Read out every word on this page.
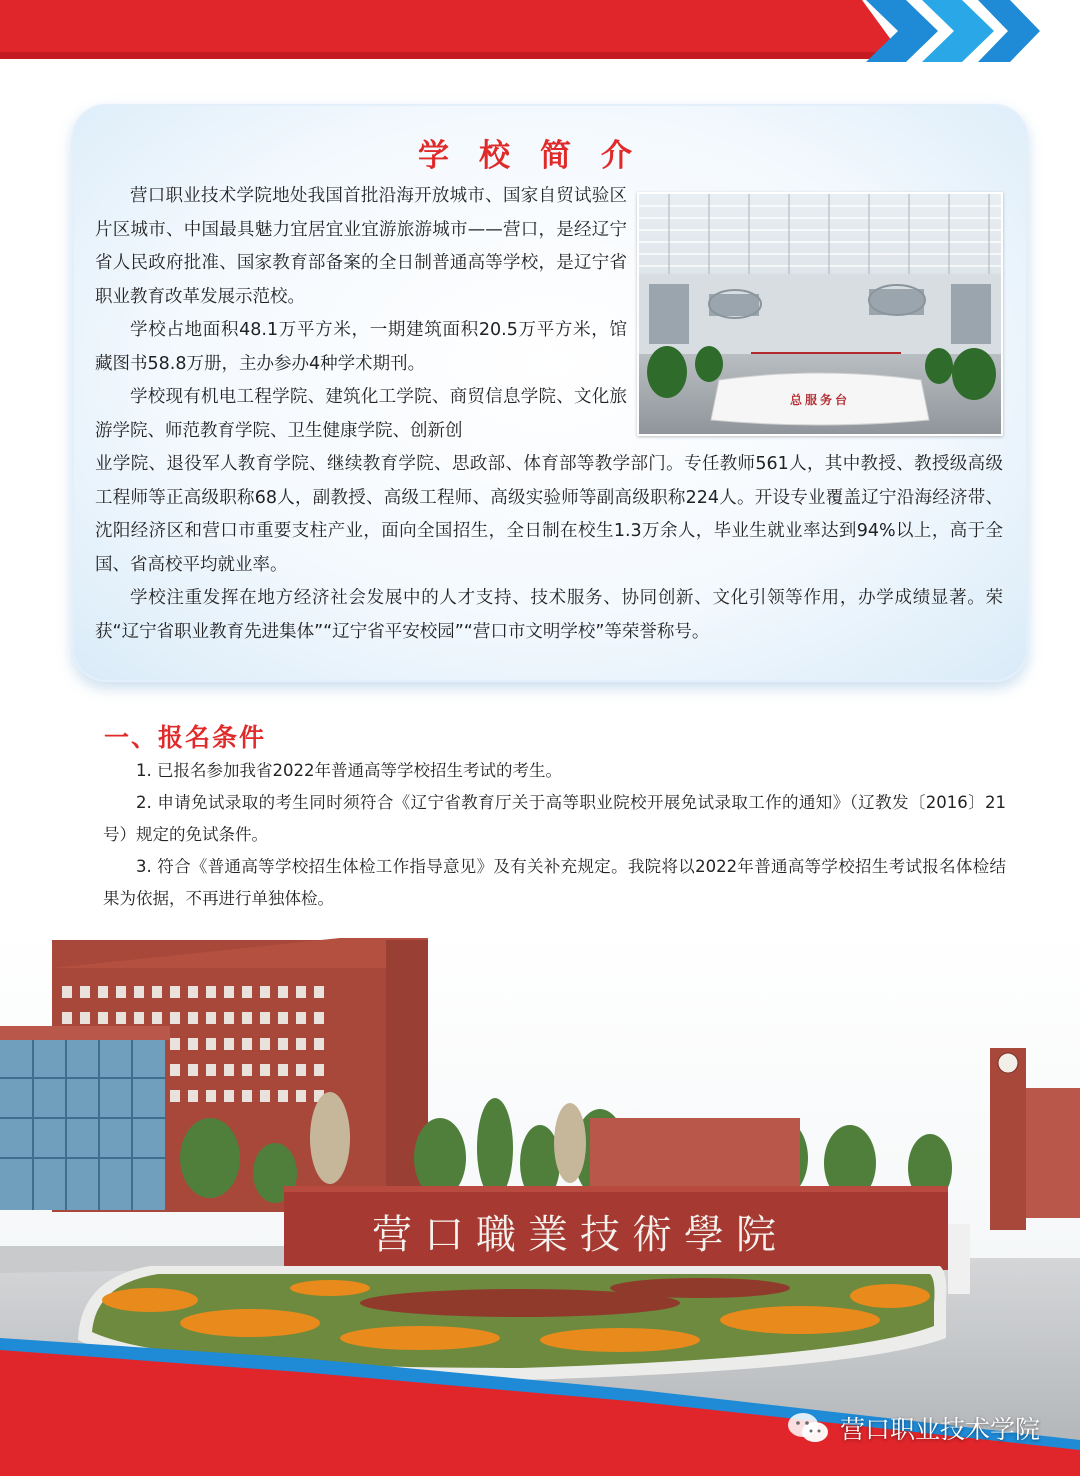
学校简介

营口职业技术学院地处我国首批沿海开放城市、国家自贸试验区片区城市、中国最具魅力宜居宜业宜游旅游城市——营口，是经辽宁省人民政府批准、国家教育部备案的全日制普通高等学校，是辽宁省职业教育改革发展示范校。

学校占地面积48.1万平方米，一期建筑面积20.5万平方米，馆藏图书58.8万册，主办参办4种学术期刊。

学校现有机电工程学院、建筑化工学院、商贸信息学院、文化旅游学院、师范教育学院、卫生健康学院、创新创

业学院、退役军人教育学院、继续教育学院、思政部、体育部等教学部门。专任教师561人，其中教授、教授级高级工程师等正高级职称68人，副教授、高级工程师、高级实验师等副高级职称224人。开设专业覆盖辽宁沿海经济带、沈阳经济区和营口市重要支柱产业，面向全国招生，全日制在校生1.3万余人，毕业生就业率达到94%以上，高于全国、省高校平均就业率。

学校注重发挥在地方经济社会发展中的人才支持、技术服务、协同创新、文化引领等作用，办学成绩显著。荣获“辽宁省职业教育先进集体”“辽宁省平安校园”“营口市文明学校”等荣誉称号。

总服务台
一、报名条件

1. 已报名参加我省2022年普通高等学校招生考试的考生。

2. 申请免试录取的考生同时须符合《辽宁省教育厅关于高等职业院校开展免试录取工作的通知》（辽教发〔2016〕21号）规定的免试条件。

3. 符合《普通高等学校招生体检工作指导意见》及有关补充规定。我院将以2022年普通高等学校招生考试报名体检结果为依据，不再进行单独体检。

营口職業技術學院
营口职业技术学院
